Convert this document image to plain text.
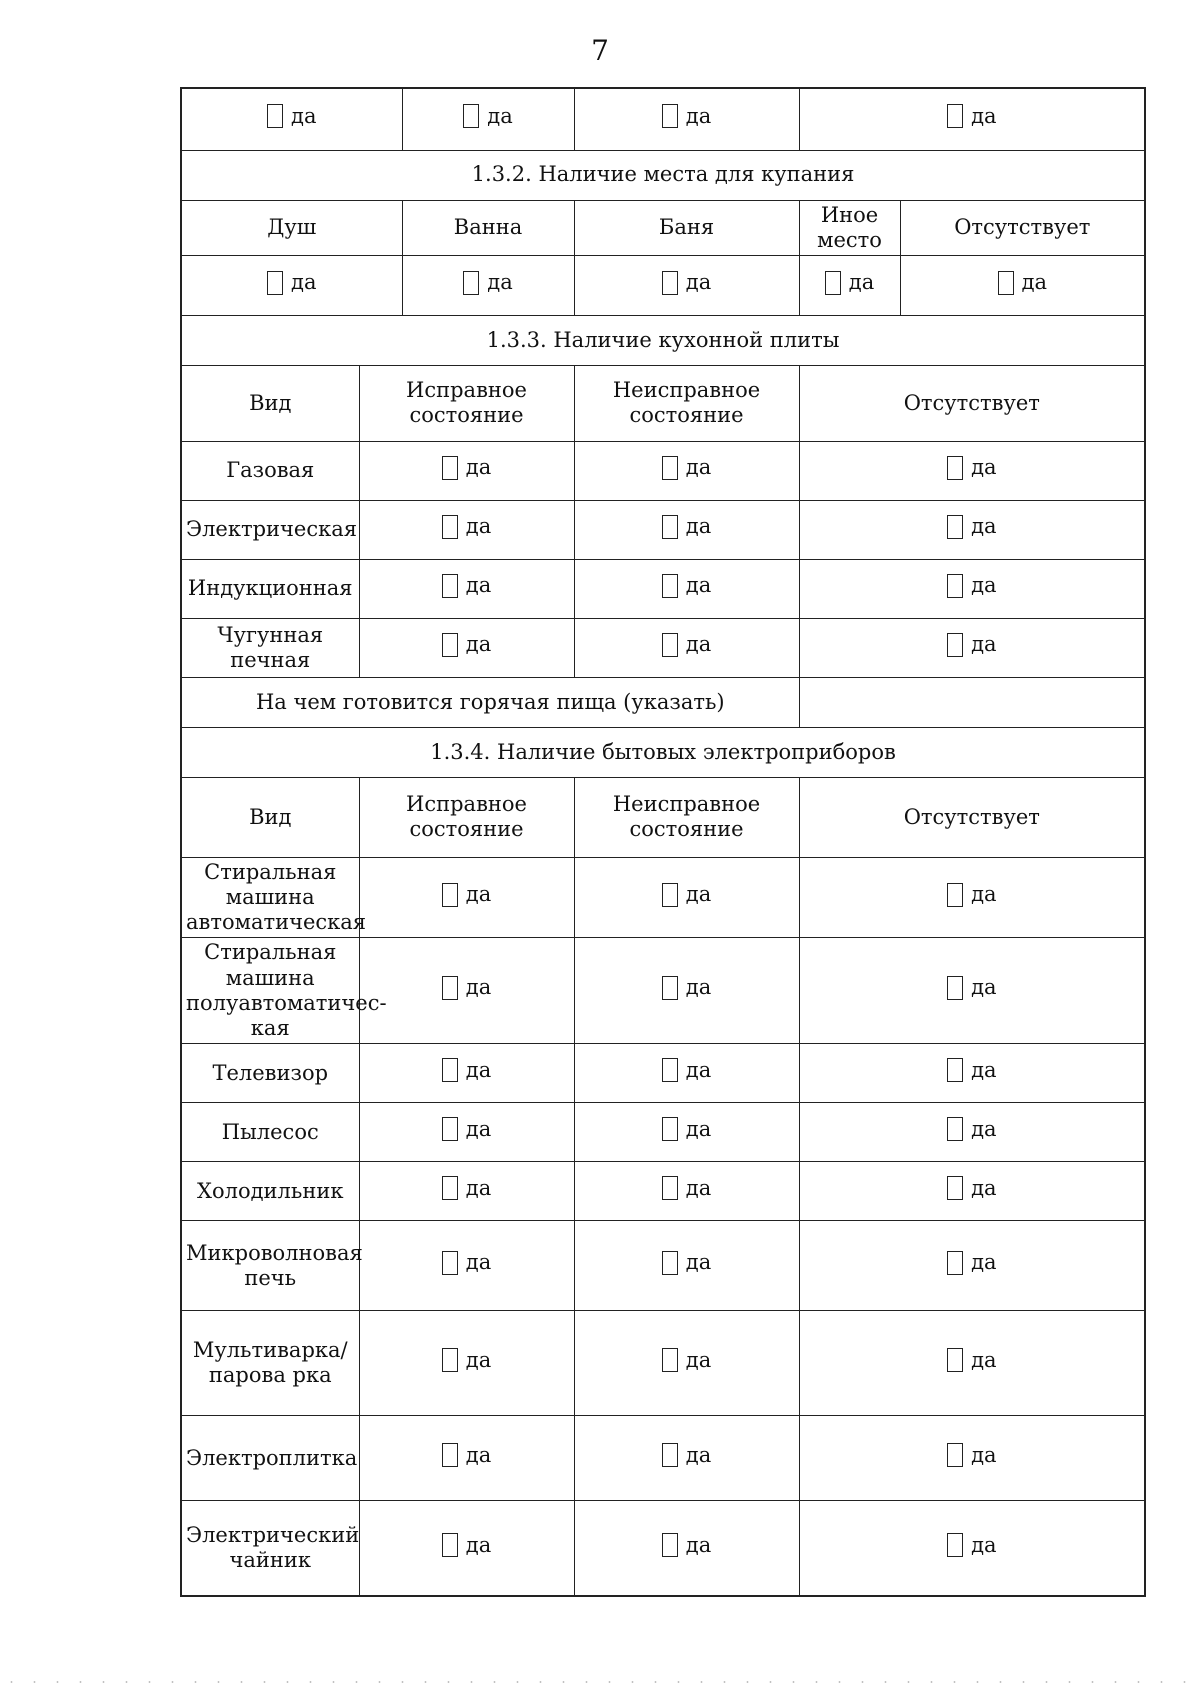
7
да		да	да	да	

1.3.2. Наличие места для купания					
Душ		Ванна	Баня	Иное место	Отсутствует

да		да	да	да	да

1.3.3. Наличие кухонной плиты					
Вид	Исправное состояние		Неисправное состояние	Отсутствует	
Газовая	да		да	да	

Электрическая	да		да	да	

Индукционная	да		да	да	

Чугунная печная	да		да	да	

На чем готовится горячая пища (указать)					
1.3.4. Наличие бытовых электроприборов					
Вид	Исправное состояние		Неисправное состояние	Отсутствует	
Стиральная машина автоматическая	да		да	да	

Стиральная машина полуавтоматичес-кая	да		да	да	

Телевизор	да		да	да	

Пылесос	да		да	да	

Холодильник	да		да	да	

Микроволновая печь	да		да	да	

Мультиварка/парова рка	да		да	да	

Электроплитка	да		да	да	

Электрический чайник	да		да	да	
